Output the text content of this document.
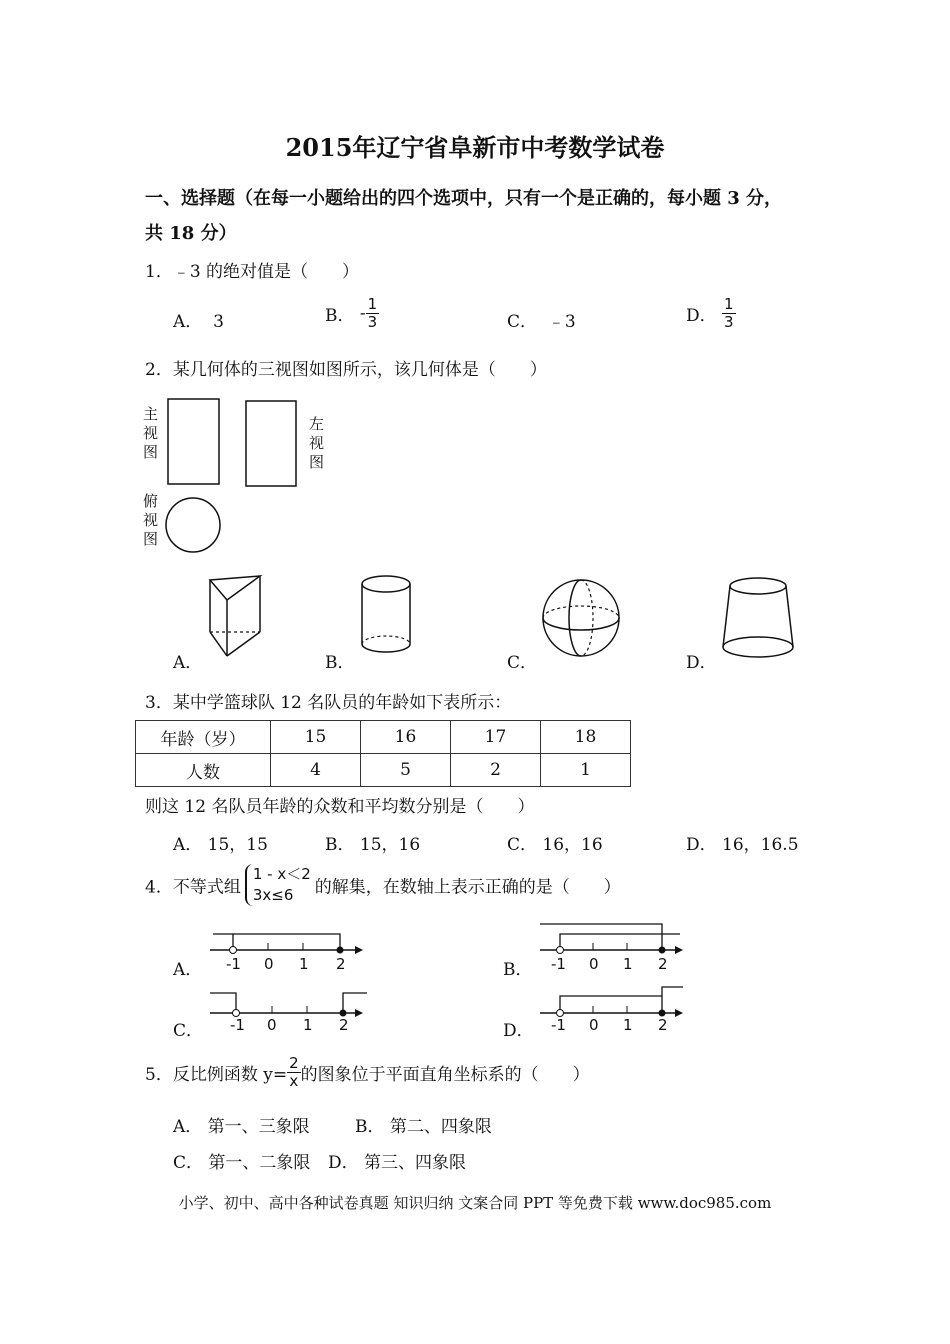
2015年辽宁省阜新市中考数学试卷
一、选择题（在每一小题给出的四个选项中，只有一个是正确的，每小题 3 分，
共 18 分）
1．﹣3 的绝对值是（　　）
A． 3	B． - $\frac{1}{3}$	C． ﹣3	D． $\frac{1}{3}$
2．某几何体的三视图如图所示，该几何体是（　　）
主视图
左视图
俯视图
A．	B．	C．	D．
3．某中学篮球队 12 名队员的年龄如下表所示：
年龄（岁）	15	16	17	18
人数	4	5	2	1
则这 12 名队员年龄的众数和平均数分别是（　　）
A． 15，15	B． 15，16	C． 16，16	D． 16，16.5
4．不等式组
1 - x＜2
3x≤6	的解集，在数轴上表示正确的是（　　）
A． -1 0 1 2	B． -1 0 1 2
C． -1 0 1 2	D． -1 0 1 2
5．反比例函数 $y= \frac{2}{x}$ 的图象位于平面直角坐标系的（　　）
A． 第一、三象限	B． 第二、四象限
C． 第一、二象限 D． 第三、四象限
小学、初中、高中各种试卷真题 知识归纳 文案合同 PPT 等免费下载 www.doc985.com
